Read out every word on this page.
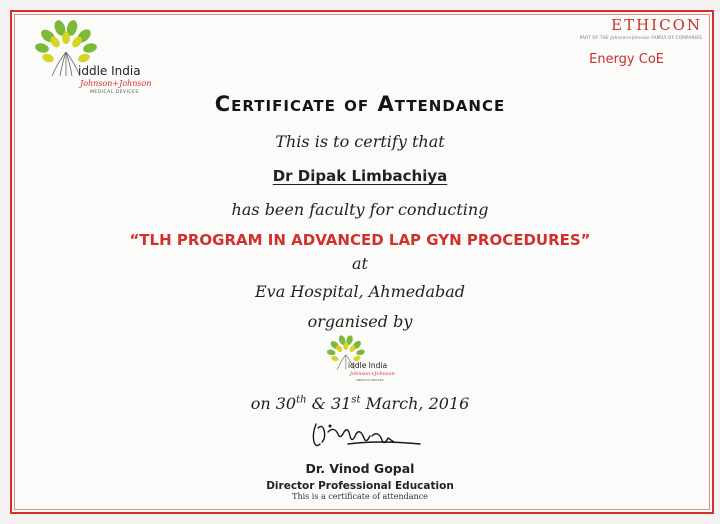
iddle India
Johnson+Johnson
MEDICAL DEVICES
ETHICON
PART OF THE Johnson+Johnson FAMILY OF COMPANIES
Energy CoE
Certificate of Attendance
This is to certify that
Dr Dipak Limbachiya
has been faculty for conducting
“TLH PROGRAM IN ADVANCED LAP GYN PROCEDURES”
at
Eva Hospital, Ahmedabad
organised by
iddle India
Johnson+Johnson
MEDICAL DEVICES
on 30th & 31st March, 2016
Dr. Vinod Gopal
Director Professional Education
This is a certificate of attendance
